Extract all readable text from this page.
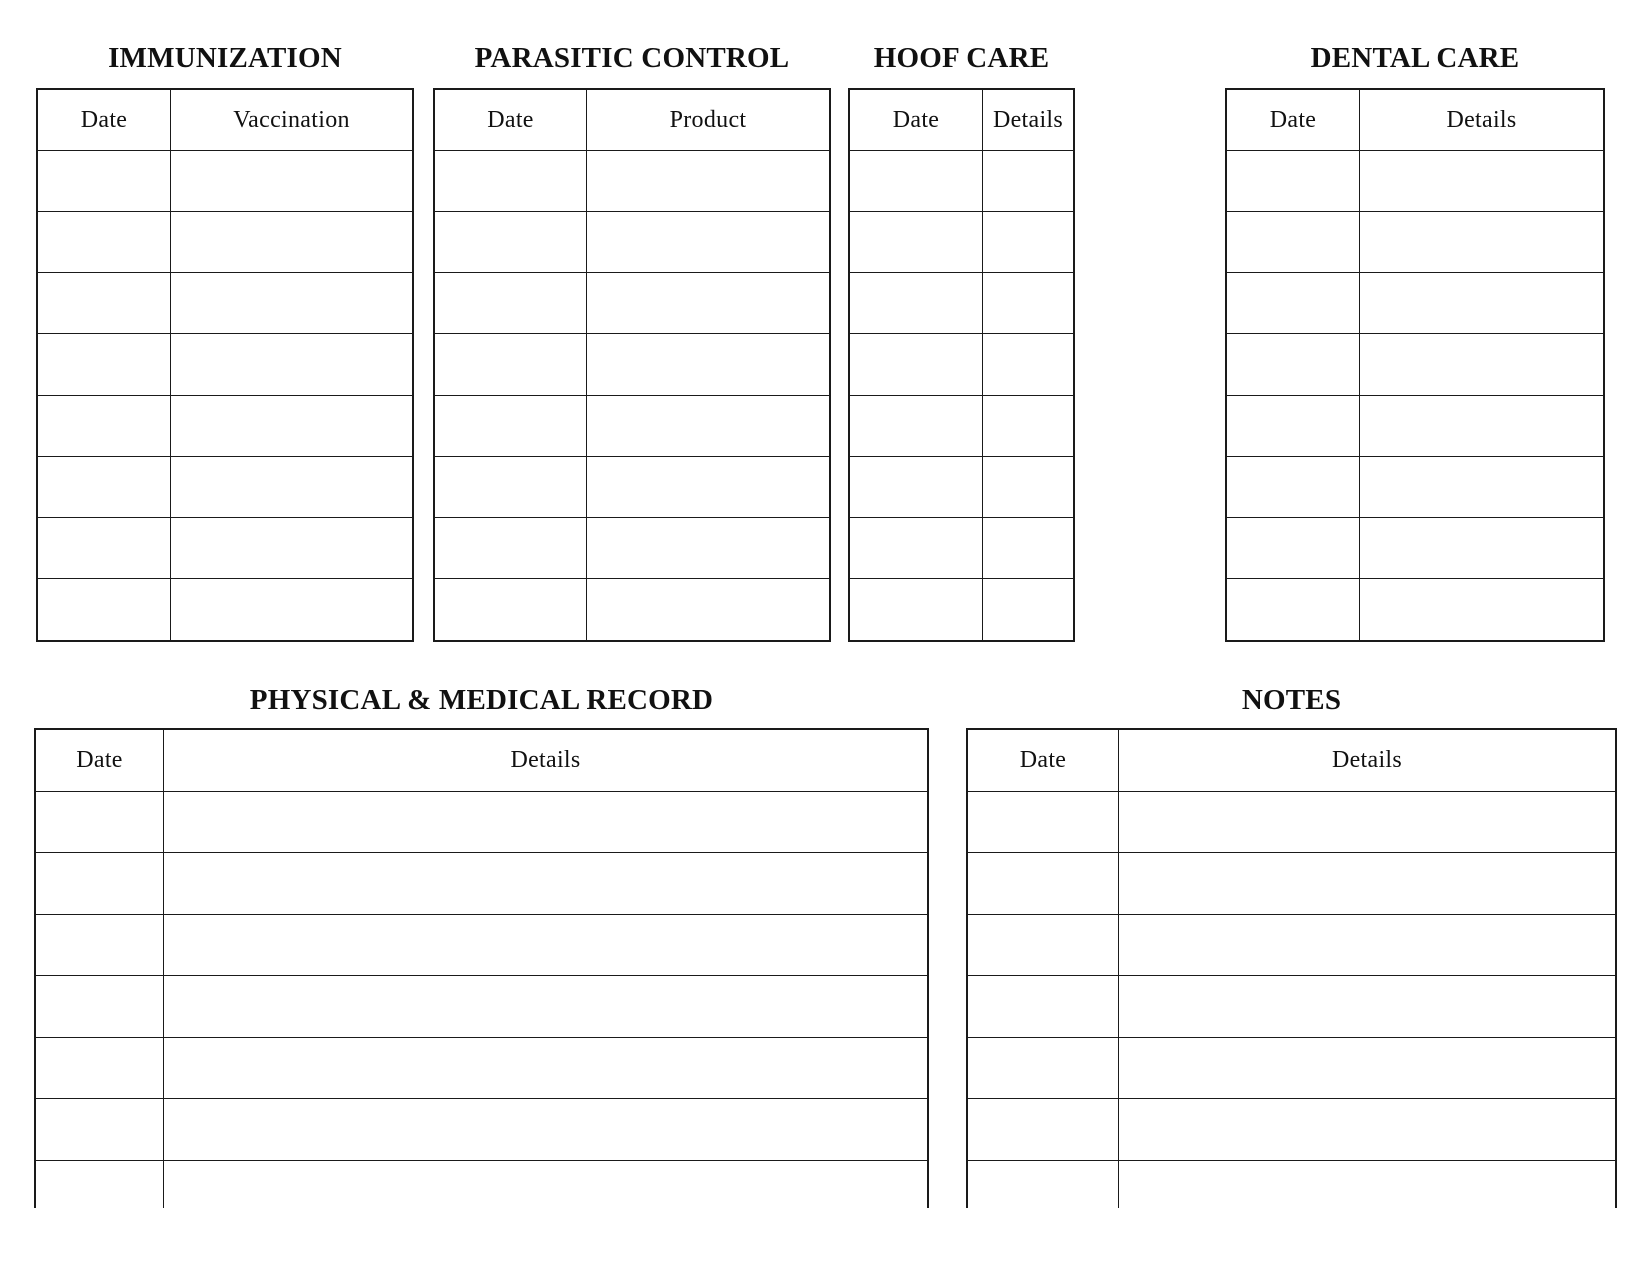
IMMUNIZATION
Date	Vaccination
PARASITIC CONTROL
Date	Product
HOOF CARE
Date	Details
DENTAL CARE
Date	Details
PHYSICAL & MEDICAL RECORD
Date	Details
NOTES
Date	Details
